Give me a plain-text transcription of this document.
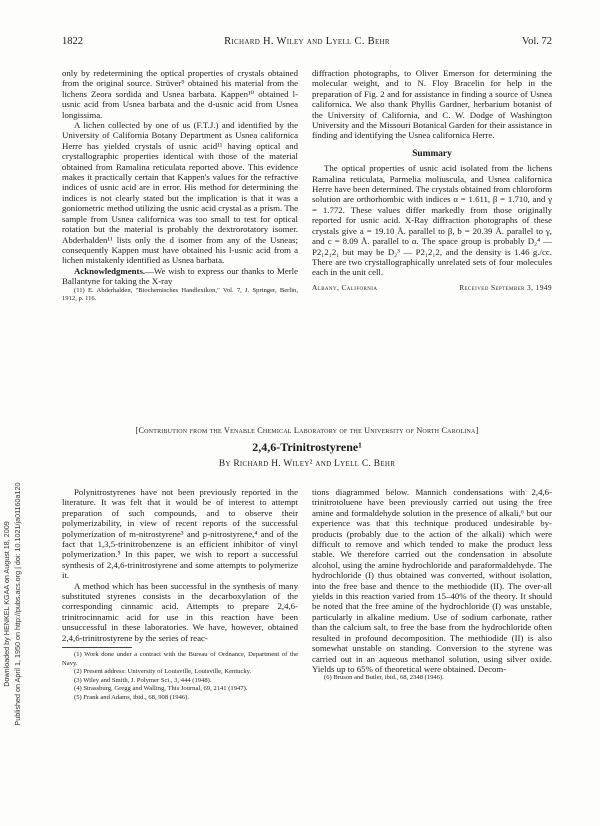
1822	Richard H. Wiley and Lyell C. Behr	Vol. 72
Downloaded by HENKEL KGAA on August 18, 2009 Published on April 1, 1950 on http://pubs.acs.org | doi: 10.1021/ja01160a120

only by redetermining the optical properties of crystals obtained from the original source. Strüver⁹ obtained his material from the lichens Zeora sordida and Usnea barbata. Kappen¹⁰ obtained l-usnic acid from Usnea barbata and the d-usnic acid from Usnea longissima.

A lichen collected by one of us (F.T.J.) and identified by the University of California Botany Department as Usnea californica Herre has yielded crystals of usnic acid¹¹ having optical and crystallographic properties identical with those of the material obtained from Ramalina reticulata reported above. This evidence makes it practically certain that Kappen's values for the refractive indices of usnic acid are in error. His method for determining the indices is not clearly stated but the implication is that it was a goniometric method utilizing the usnic acid crystal as a prism. The sample from Usnea californica was too small to test for optical rotation but the material is probably the dextrorotatory isomer. Abderhalden¹¹ lists only the d isomer from any of the Usneas; consequently Kappen must have obtained his l-usnic acid from a lichen mistakenly identified as Usnea barbata.

Acknowledgments.—We wish to express our thanks to Merle Ballantyne for taking the X-ray

(11) E. Abderhalden, "Biochemisches Handlexikon," Vol. 7, J. Springer, Berlin, 1912, p. 116.

diffraction photographs, to Oliver Emerson for determining the molecular weight, and to N. Floy Bracelin for help in the preparation of Fig. 2 and for assistance in finding a source of Usnea californica. We also thank Phyllis Gardner, herbarium botanist of the University of California, and C. W. Dodge of Washington University and the Missouri Botanical Garden for their assistance in finding and identifying the Usnea californica Herre.

Summary

The optical properties of usnic acid isolated from the lichens Ramalina reticulata, Parmelia moliuscula, and Usnea californica Herre have been determined. The crystals obtained from chloroform solution are orthorhombic with indices α = 1.611, β = 1.710, and γ = 1.772. These values differ markedly from those originally reported for usnic acid. X-Ray diffraction photographs of these crystals give a = 19.10 Å. parallel to β, b = 20.39 Å. parallel to γ, and c = 8.09 Å. parallel to α. The space group is probably D₂⁴ — P2₁2₁2₁ but may be D₂³ — P2₁2₁2, and the density is 1.46 g./cc. There are two crystallographically unrelated sets of four molecules each in the unit cell.

Albany, California	Received September 3, 1949
[Contribution from the Venable Chemical Laboratory of the University of North Carolina]
2,4,6-Trinitrostyrene¹
By Richard H. Wiley² and Lyell C. Behr

Polynitrostyrenes have not been previously reported in the literature. It was felt that it would be of interest to attempt preparation of such compounds, and to observe their polymerizability, in view of recent reports of the successful polymerization of m-nitrostyrene³ and p-nitrostyrene,⁴ and of the fact that 1,3,5-trinitrobenzene is an efficient inhibitor of vinyl polymerization.⁵ In this paper, we wish to report a successful synthesis of 2,4,6-trinitrostyrene and some attempts to polymerize it.

A method which has been successful in the synthesis of many substituted styrenes consists in the decarboxylation of the corresponding cinnamic acid. Attempts to prepare 2,4,6-trinitrocinnamic acid for use in this reaction have been unsuccessful in these laboratories. We have, however, obtained 2,4,6-trinitrostyrene by the series of reac-

(1) Work done under a contract with the Bureau of Ordnance, Department of the Navy.

(2) Present address: University of Louisville, Louisville, Kentucky.

(3) Wiley and Smith, J. Polymer Sci., 3, 444 (1948).

(4) Strassburg, Gregg and Walling, This Journal, 69, 2141 (1947).

(5) Frank and Adams, ibid., 68, 908 (1946).

tions diagrammed below. Mannich condensations with 2,4,6-trinitrotoluene have been previously carried out using the free amine and formaldehyde solution in the presence of alkali,⁶ but our experience was that this technique produced undesirable by-products (probably due to the action of the alkali) which were difficult to remove and which tended to make the product less stable. We therefore carried out the condensation in absolute alcohol, using the amine hydrochloride and paraformaldehyde. The hydrochloride (I) thus obtained was converted, without isolation, into the free base and thence to the methiodide (II). The over-all yields in this reaction varied from 15–40% of the theory. It should be noted that the free amine of the hydrochloride (I) was unstable, particularly in alkaline medium. Use of sodium carbonate, rather than the calcium salt, to free the base from the hydrochloride often resulted in profound decomposition. The methiodide (II) is also somewhat unstable on standing. Conversion to the styrene was carried out in an aqueous methanol solution, using silver oxide. Yields up to 65% of theoretical were obtained. Decom-

(6) Bruson and Butler, ibid., 68, 2348 (1946).
